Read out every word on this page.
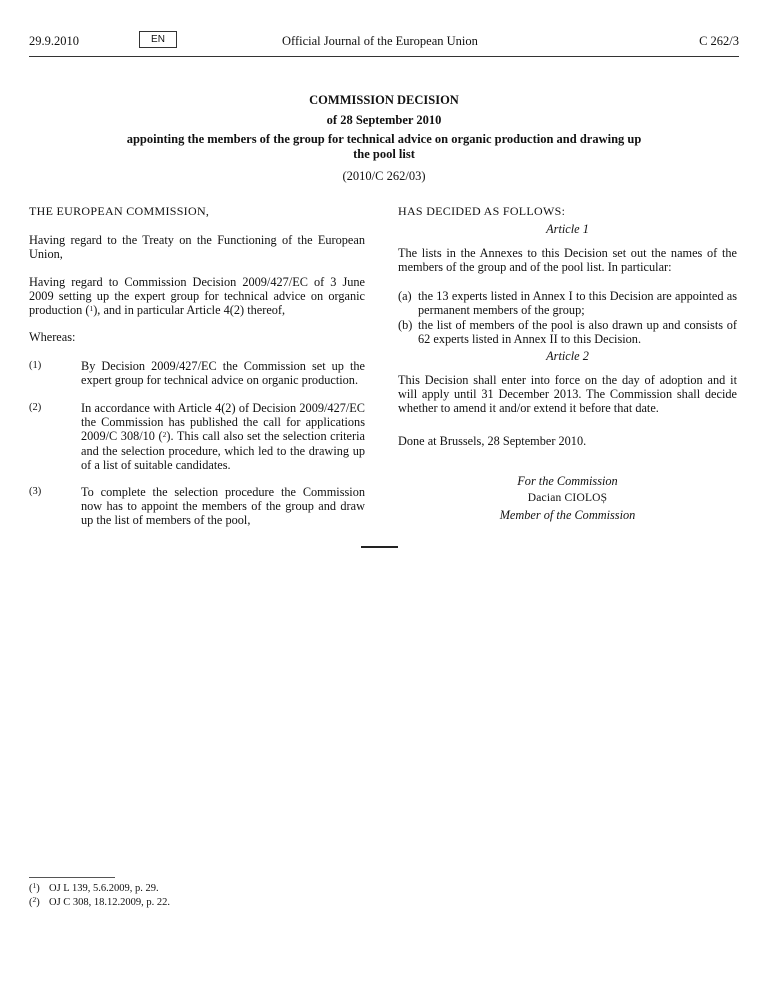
29.9.2010	EN	Official Journal of the European Union	C 262/3
COMMISSION DECISION
of 28 September 2010
appointing the members of the group for technical advice on organic production and drawing up
the pool list
(2010/C 262/03)
THE EUROPEAN COMMISSION,

Having regard to the Treaty on the Functioning of the European Union,

Having regard to Commission Decision 2009/427/EC of 3 June 2009 setting up the expert group for technical advice on organic production ($^1$), and in particular Article 4(2) thereof,

Whereas:
(1)	By Decision 2009/427/EC the Commission set up the expert group for technical advice on organic production.

(2)	In accordance with Article 4(2) of Decision 2009/427/EC the Commission has published the call for applications 2009/C 308/10 ($^2$). This call also set the selection criteria and the selection procedure, which led to the drawing up of a list of suitable candidates.

(3)	To complete the selection procedure the Commission now has to appoint the members of the group and draw up the list of members of the pool,

HAS DECIDED AS FOLLOWS:
Article 1

The lists in the Annexes to this Decision set out the names of the members of the group and of the pool list. In particular:

(a) the 13 experts listed in Annex I to this Decision are appointed as permanent members of the group;

(b) the list of members of the pool is also drawn up and consists of 62 experts listed in Annex II to this Decision.

Article 2

This Decision shall enter into force on the day of adoption and it will apply until 31 December 2013. The Commission shall decide whether to amend it and/or extend it before that date.

Done at Brussels, 28 September 2010.
For the Commission
Dacian CIOLOȘ
Member of the Commission
($^1$) OJ L 139, 5.6.2009, p. 29.
($^2$) OJ C 308, 18.12.2009, p. 22.
